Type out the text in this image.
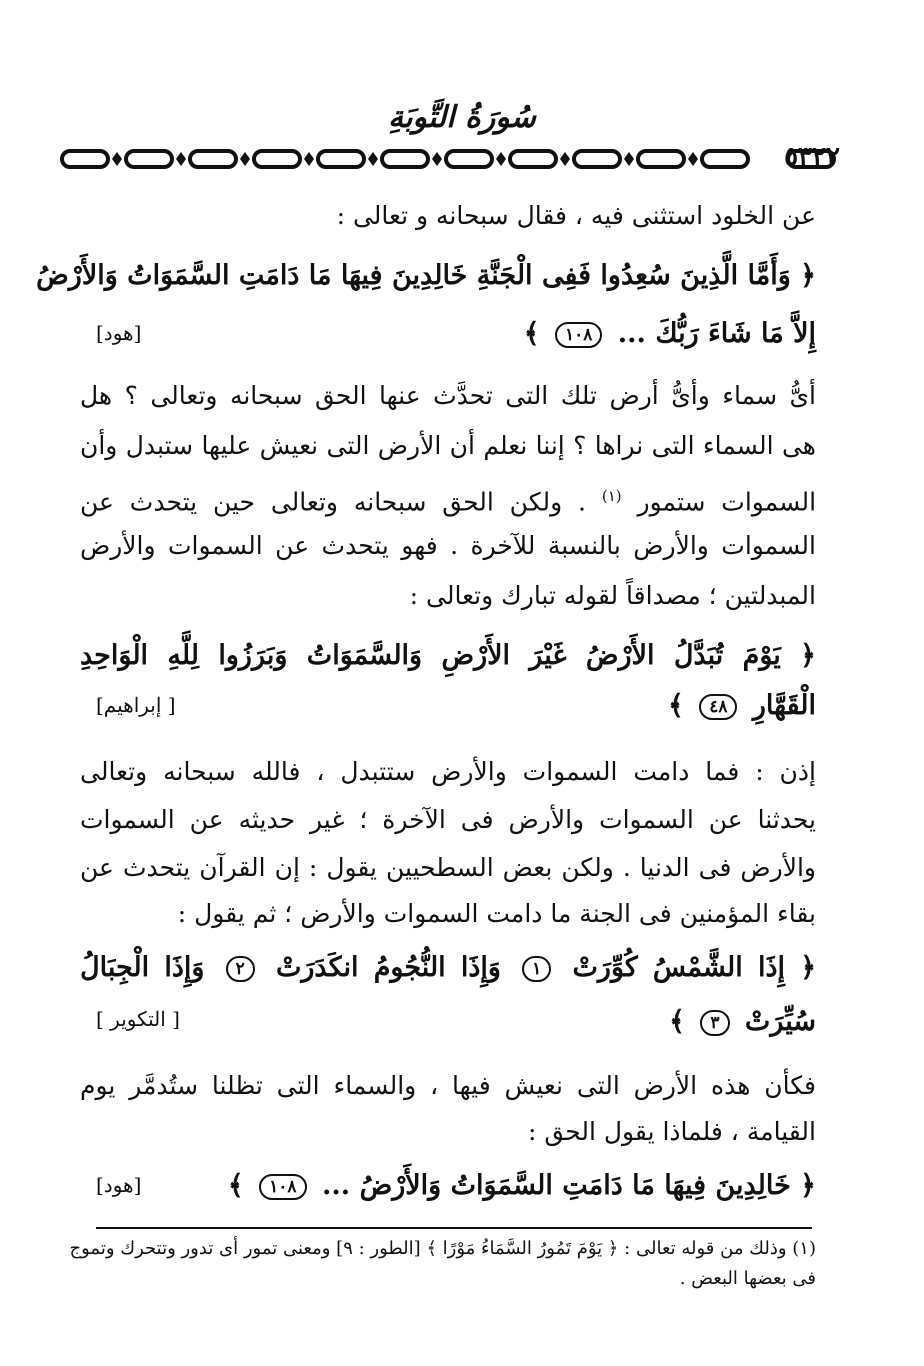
سُورَةُ التَّوبَةِ
٥٣٢٢
عن الخلود استثنى فيه ، فقال سبحانه و تعالى :
﴿ وَأَمَّا الَّذِينَ سُعِدُوا فَفِى الْجَنَّةِ خَالِدِينَ فِيهَا مَا دَامَتِ السَّمَوَاتُ وَالأَرْضُ
إِلاَّ مَا شَاءَ رَبُّكَ ... ١٠٨ ﴾
[هود]
أىُّ سماء وأىُّ أرض تلك التى تحدَّث عنها الحق سبحانه وتعالى ؟ هل
هى السماء التى نراها ؟ إننا نعلم أن الأرض التى نعيش عليها ستبدل وأن
السموات ستمور $^{(١)}$ . ولكن الحق سبحانه وتعالى حين يتحدث عن
السموات والأرض بالنسبة للآخرة . فهو يتحدث عن السموات والأرض
المبدلتين ؛ مصداقاً لقوله تبارك وتعالى :
﴿ يَوْمَ تُبَدَّلُ الأَرْضُ غَيْرَ الأَرْضِ وَالسَّمَوَاتُ وَبَرَزُوا لِلَّهِ الْوَاحِدِ
الْقَهَّارِ ٤٨ ﴾
[ إبراهيم]
إذن : فما دامت السموات والأرض ستتبدل ، فالله سبحانه وتعالى
يحدثنا عن السموات والأرض فى الآخرة ؛ غير حديثه عن السموات
والأرض فى الدنيا . ولكن بعض السطحيين يقول : إن القرآن يتحدث عن
بقاء المؤمنين فى الجنة ما دامت السموات والأرض ؛ ثم يقول :
﴿ إِذَا الشَّمْسُ كُوِّرَتْ ١ وَإِذَا النُّجُومُ انكَدَرَتْ ٢ وَإِذَا الْجِبَالُ
سُيِّرَتْ ٣ ﴾
[ التكوير ]
فكأن هذه الأرض التى نعيش فيها ، والسماء التى تظلنا ستُدمَّر يوم
القيامة ، فلماذا يقول الحق :
﴿ خَالِدِينَ فِيهَا مَا دَامَتِ السَّمَوَاتُ وَالأَرْضُ ... ١٠٨ ﴾
[هود]
(١) وذلك من قوله تعالى : ﴿ يَوْمَ تَمُورُ السَّمَاءُ مَوْرًا ﴾ [الطور : ٩] ومعنى تمور أى تدور وتتحرك وتموج
فى بعضها البعض .
